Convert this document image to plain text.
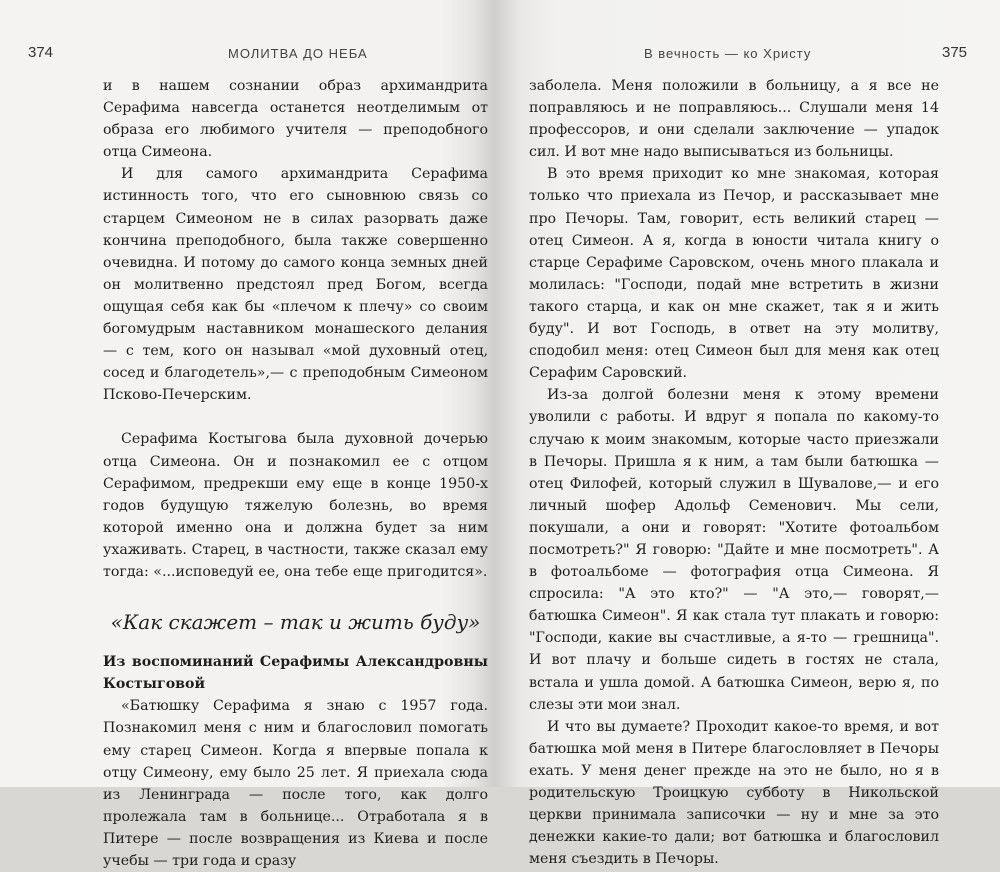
374	МОЛИТВА ДО НЕБА

и в нашем сознании образ архимандрита Серафима навсегда останется неотделимым от образа его любимого учителя — преподобного отца Симеона.

И для самого архимандрита Серафима истинность того, что его сыновнюю связь со старцем Симеоном не в силах разорвать даже кончина преподобного, была также совершенно очевидна. И потому до самого конца земных дней он молитвенно предстоял пред Богом, всегда ощущая себя как бы «плечом к плечу» со своим богомудрым наставником монашеского делания — с тем, кого он называл «мой духовный отец, сосед и благодетель»,— с преподобным Симеоном Псково-Печерским.

Серафима Костыгова была духовной дочерью отца Симеона. Он и познакомил ее с отцом Серафимом, предрекши ему еще в конце 1950-х годов будущую тяжелую болезнь, во время которой именно она и должна будет за ним ухаживать. Старец, в частности, также сказал ему тогда: «...исповедуй ее, она тебе еще пригодится».

«Как скажет – так и жить буду»

Из воспоминаний Серафимы Александровны Костыговой

«Батюшку Серафима я знаю с 1957 года. Познакомил меня с ним и благословил помогать ему старец Симеон. Когда я впервые попала к отцу Симеону, ему было 25 лет. Я приехала сюда из Ленинграда — после того, как долго пролежала там в больнице... Отработала я в Питере — после возвращения из Киева и после учебы — три года и сразу

В вечность — ко Христу	375

заболела. Меня положили в больницу, а я все не поправляюсь и не поправляюсь... Слушали меня 14 профессоров, и они сделали заключение — упадок сил. И вот мне надо выписываться из больницы.

В это время приходит ко мне знакомая, которая только что приехала из Печор, и рассказывает мне про Печоры. Там, говорит, есть великий старец — отец Симеон. А я, когда в юности читала книгу о старце Серафиме Саровском, очень много плакала и молилась: "Господи, подай мне встретить в жизни такого старца, и как он мне скажет, так я и жить буду". И вот Господь, в ответ на эту молитву, сподобил меня: отец Симеон был для меня как отец Серафим Саровский.

Из-за долгой болезни меня к этому времени уволили с работы. И вдруг я попала по какому-то случаю к моим знакомым, которые часто приезжали в Печоры. Пришла я к ним, а там были батюшка — отец Филофей, который служил в Шувалове,— и его личный шофер Адольф Семенович. Мы сели, покушали, а они и говорят: "Хотите фотоальбом посмотреть?" Я говорю: "Дайте и мне посмотреть". А в фотоальбоме — фотография отца Симеона. Я спросила: "А это кто?" — "А это,— говорят,— батюшка Симеон". Я как стала тут плакать и говорю: "Господи, какие вы счастливые, а я-то — грешница". И вот плачу и больше сидеть в гостях не стала, встала и ушла домой. А батюшка Симеон, верю я, по слезы эти мои знал.

И что вы думаете? Проходит какое-то время, и вот батюшка мой меня в Питере благословляет в Печоры ехать. У меня денег прежде на это не было, но я в родительскую Троицкую субботу в Никольской церкви принимала записочки — ну и мне за это денежки какие-то дали; вот батюшка и благословил меня съездить в Печоры.
